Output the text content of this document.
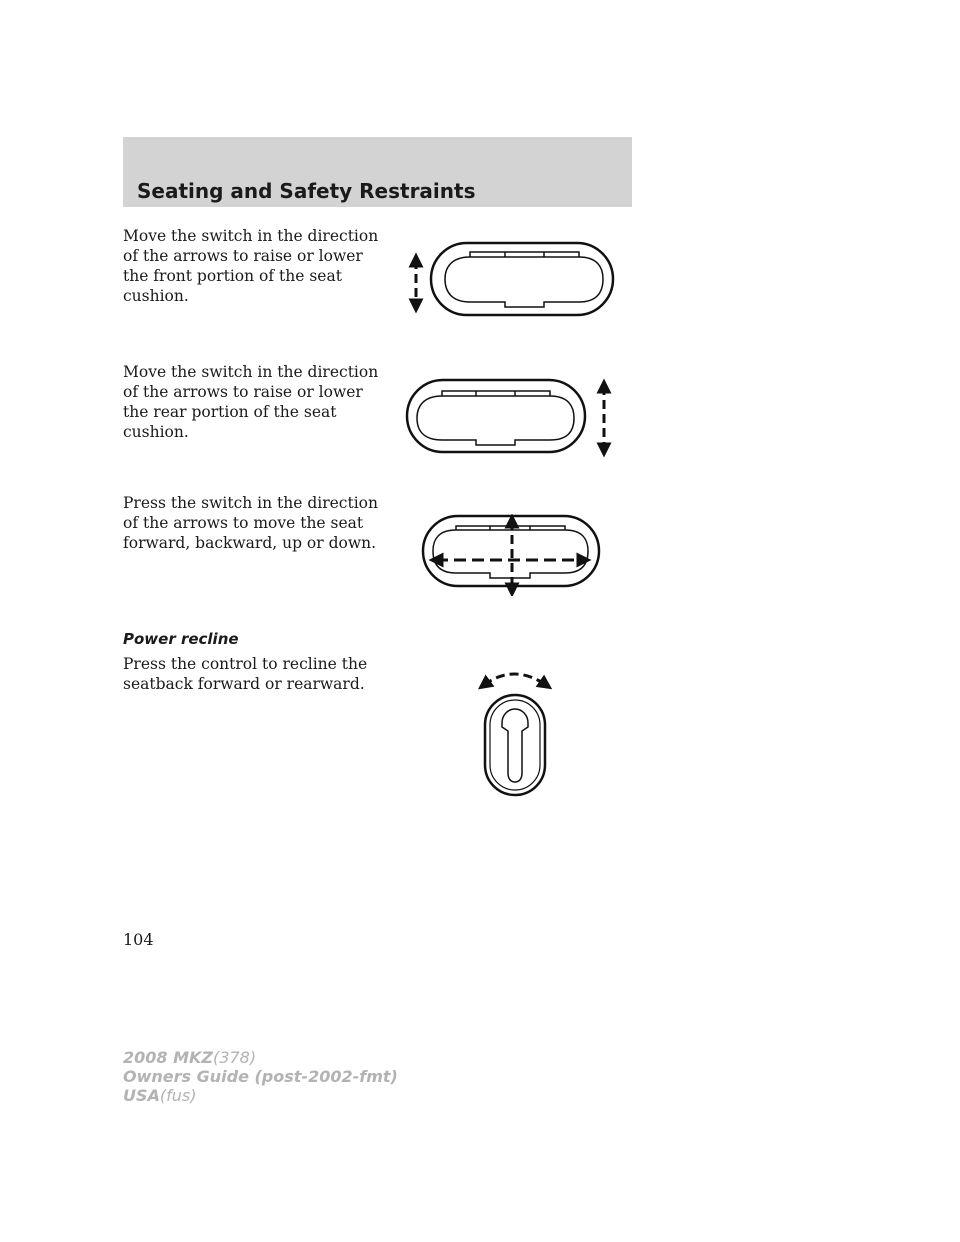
Seating and Safety Restraints

Move the switch in the direction of the arrows to raise or lower the front portion of the seat cushion.

Move the switch in the direction of the arrows to raise or lower the rear portion of the seat cushion.

Press the switch in the direction of the arrows to move the seat forward, backward, up or down.

Power recline

Press the control to recline the seatback forward or rearward.

104

2008 MKZ(378)
Owners Guide (post-2002-fmt)
USA(fus)
